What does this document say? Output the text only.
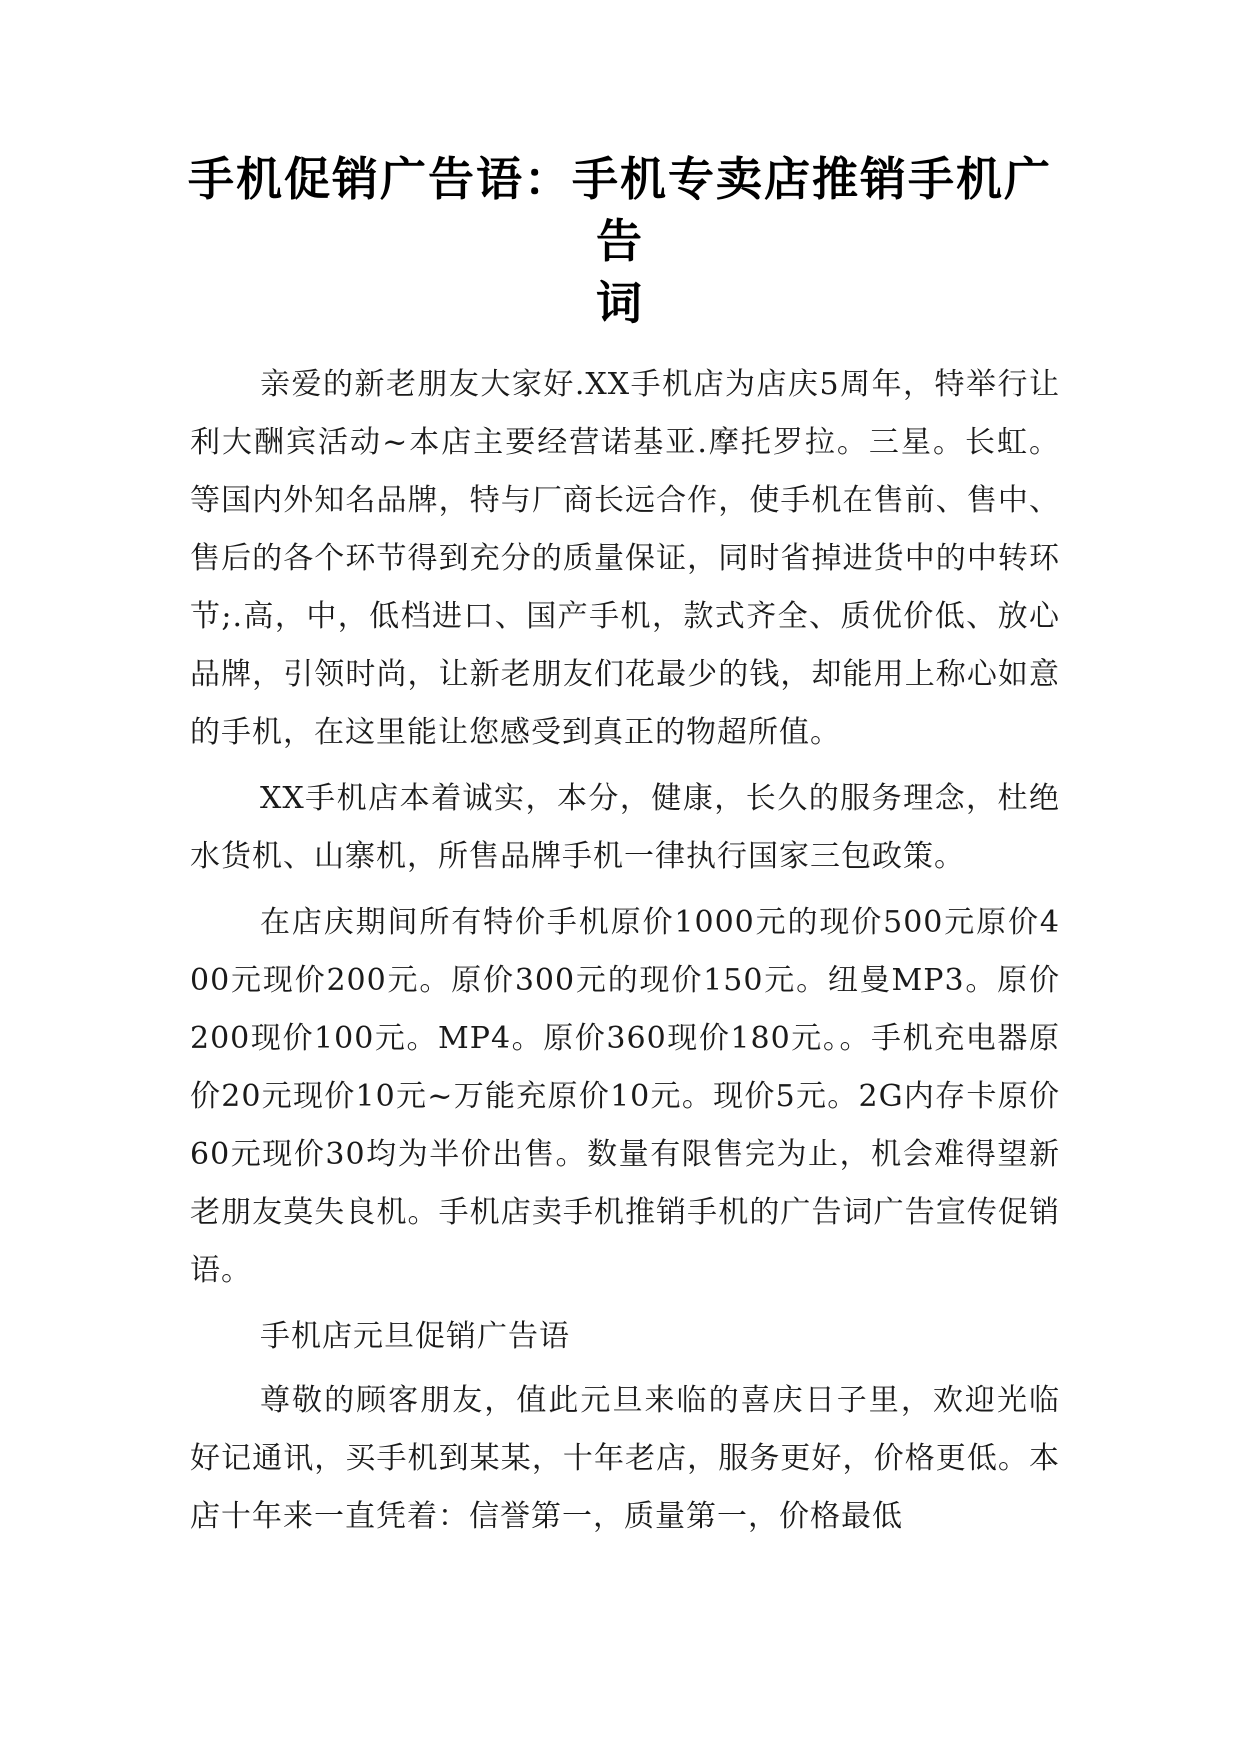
手机促销广告语：手机专卖店推销手机广告
词

亲爱的新老朋友大家好.XX手机店为店庆5周年，特举行让利大酬宾活动~本店主要经营诺基亚.摩托罗拉。三星。长虹。等国内外知名品牌，特与厂商长远合作，使手机在售前、售中、售后的各个环节得到充分的质量保证，同时省掉进货中的中转环节;.高，中，低档进口、国产手机，款式齐全、质优价低、放心品牌，引领时尚，让新老朋友们花最少的钱，却能用上称心如意的手机，在这里能让您感受到真正的物超所值。

XX手机店本着诚实，本分，健康，长久的服务理念，杜绝水货机、山寨机，所售品牌手机一律执行国家三包政策。

在店庆期间所有特价手机原价1000元的现价500元原价400元现价200元。原价300元的现价150元。纽曼MP3。原价200现价100元。MP4。原价360现价180元。。手机充电器原价20元现价10元~万能充原价10元。现价5元。2G内存卡原价60元现价30均为半价出售。数量有限售完为止，机会难得望新老朋友莫失良机。手机店卖手机推销手机的广告词广告宣传促销语。

手机店元旦促销广告语

尊敬的顾客朋友，值此元旦来临的喜庆日子里，欢迎光临好记通讯，买手机到某某，十年老店，服务更好，价格更低。本店十年来一直凭着：信誉第一，质量第一，价格最低
